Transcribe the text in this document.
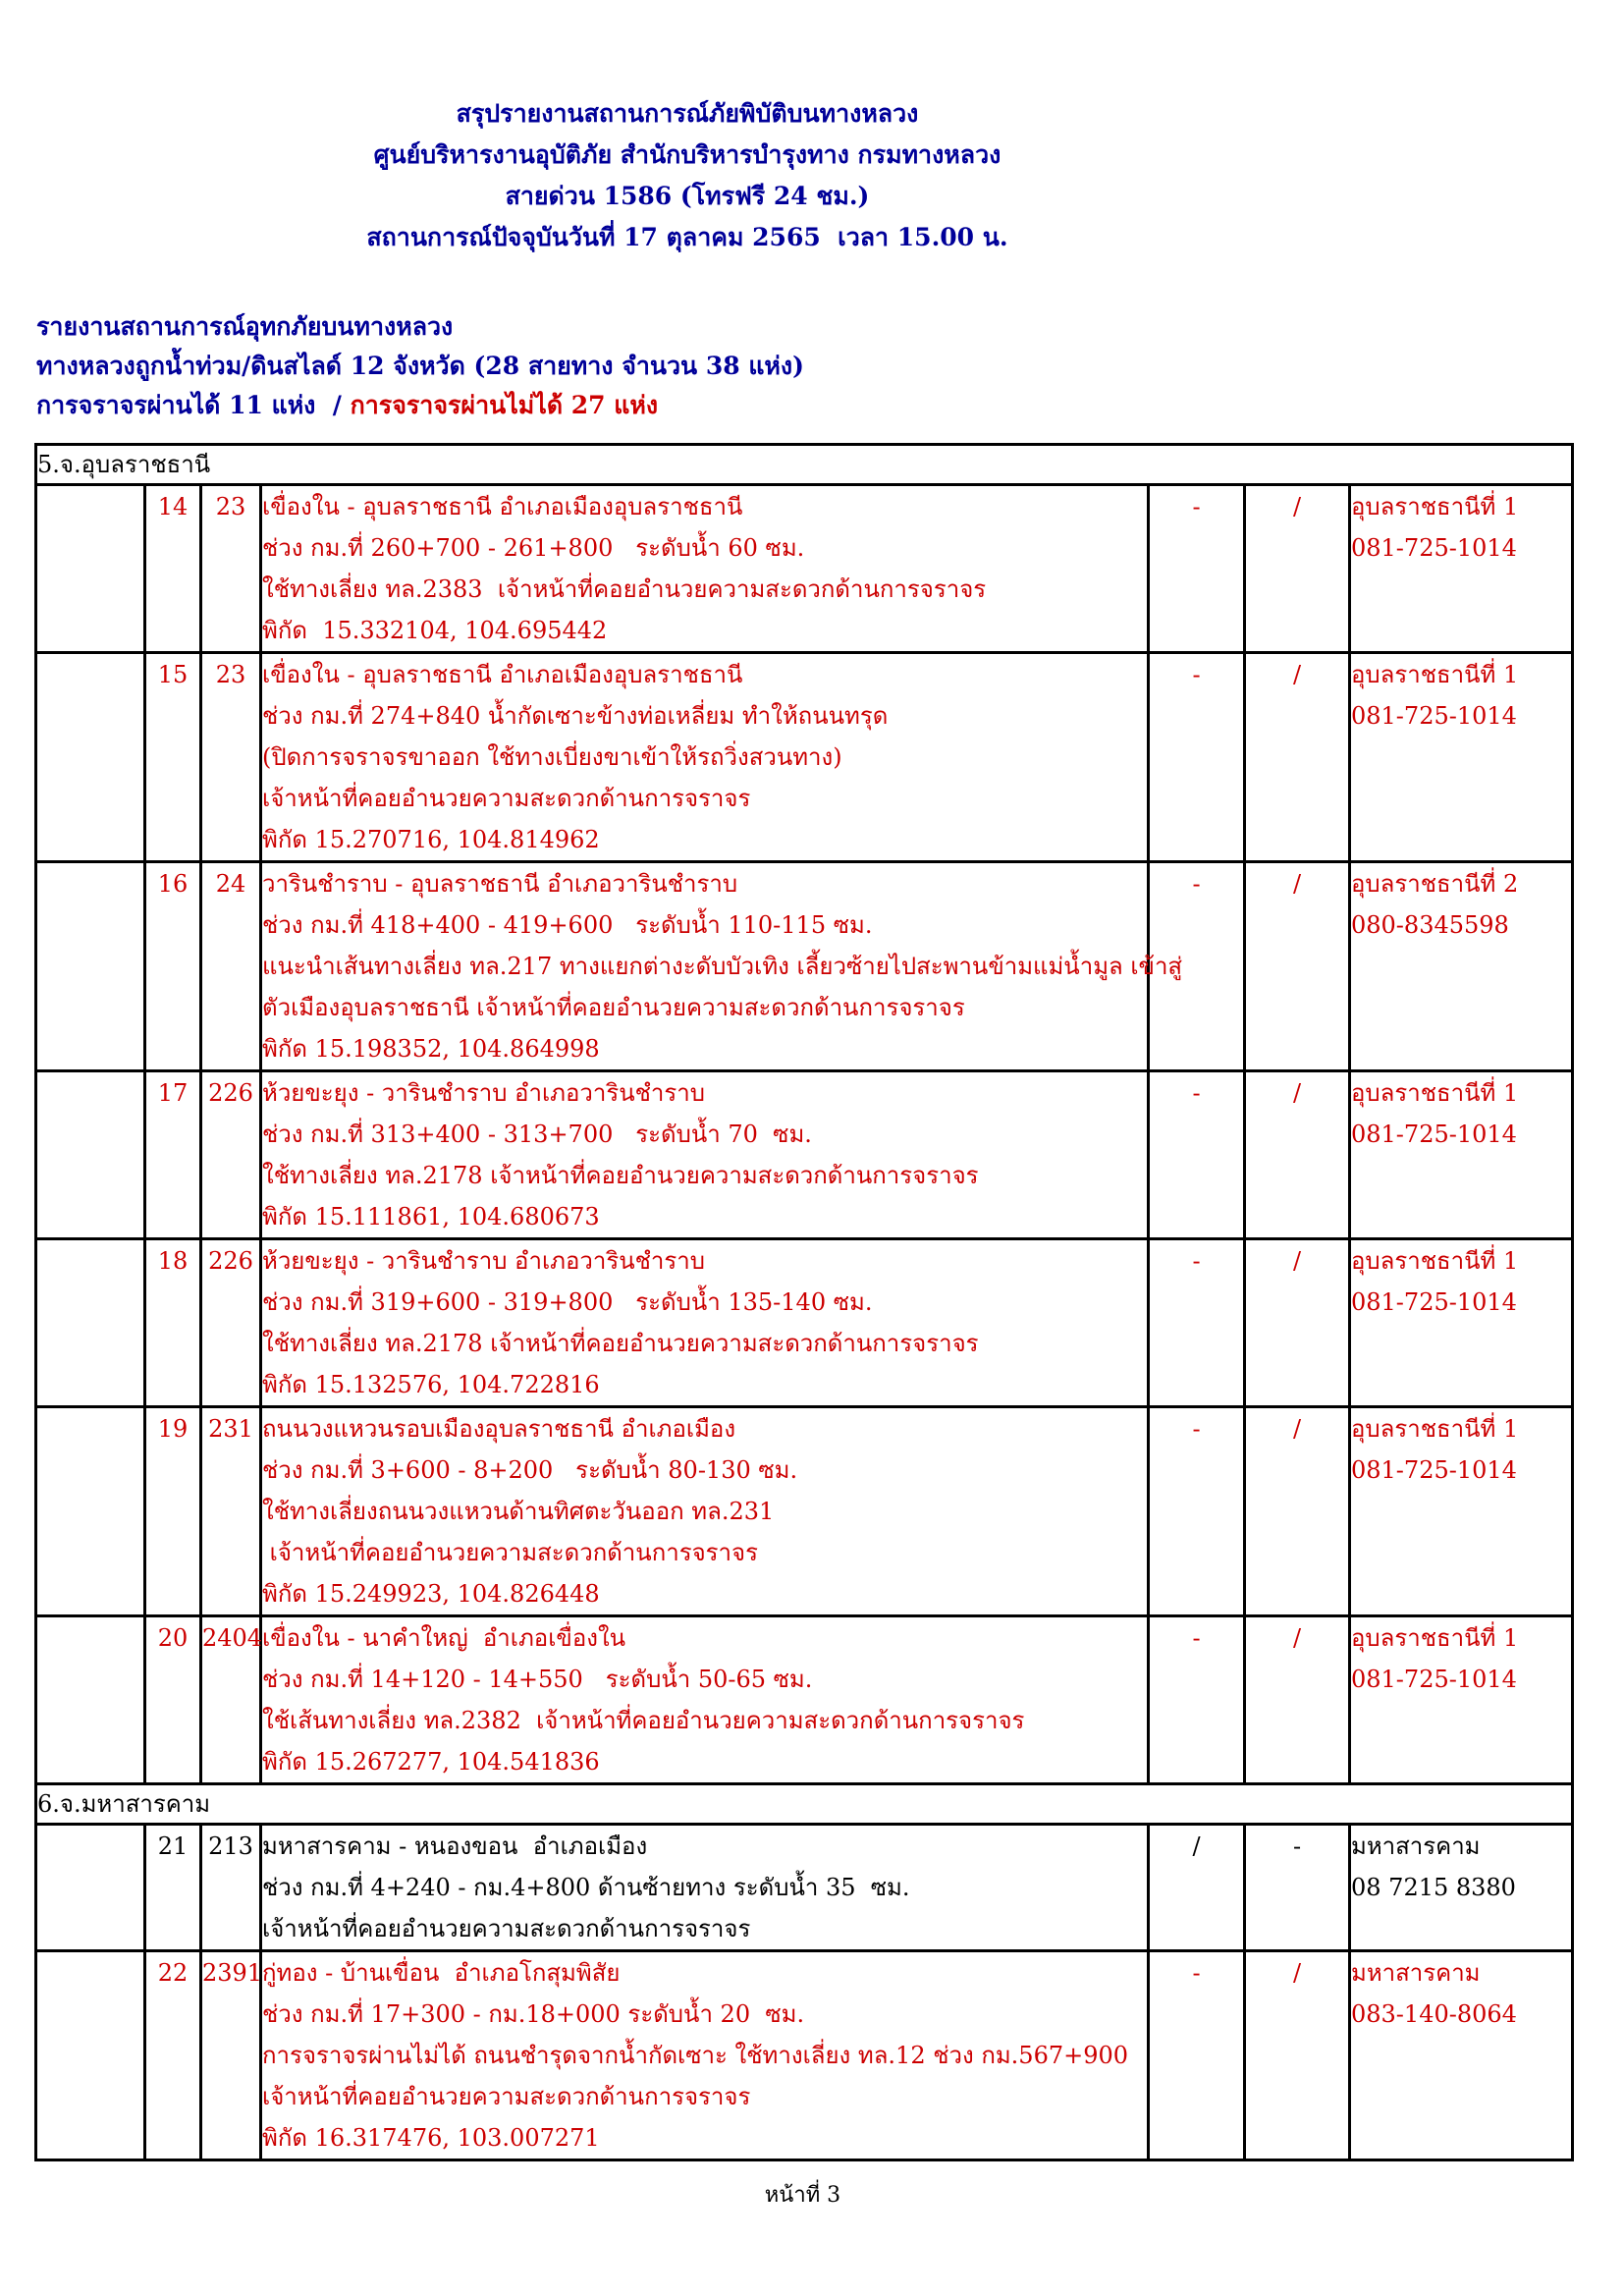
สรุปรายงานสถานการณ์ภัยพิบัติบนทางหลวง
ศูนย์บริหารงานอุบัติภัย สำนักบริหารบำรุงทาง กรมทางหลวง
สายด่วน 1586 (โทรฟรี 24 ชม.)
สถานการณ์ปัจจุบันวันที่ 17 ตุลาคม 2565  เวลา 15.00 น.
รายงานสถานการณ์อุทกภัยบนทางหลวง
ทางหลวงถูกน้ำท่วม/ดินสไลด์ 12 จังหวัด (28 สายทาง จำนวน 38 แห่ง)
การจราจรผ่านได้ 11 แห่ง  / การจราจรผ่านไม่ได้ 27 แห่ง
5.จ.อุบลราชธานี						
	14	23	เขื่องใน - อุบลราชธานี อำเภอเมืองอุบลราชธานี
ช่วง กม.ที่ 260+700 - 261+800   ระดับน้ำ 60 ซม.
ใช้ทางเลี่ยง ทล.2383  เจ้าหน้าที่คอยอำนวยความสะดวกด้านการจราจร
พิกัด  15.332104, 104.695442
	-	/	อุบลราชธานีที่ 1
081-725-1014

	15	23	เขื่องใน - อุบลราชธานี อำเภอเมืองอุบลราชธานี
ช่วง กม.ที่ 274+840 น้ำกัดเซาะข้างท่อเหลี่ยม ทำให้ถนนทรุด
(ปิดการจราจรขาออก ใช้ทางเบี่ยงขาเข้าให้รถวิ่งสวนทาง)
เจ้าหน้าที่คอยอำนวยความสะดวกด้านการจราจร
พิกัด 15.270716, 104.814962
	-	/	อุบลราชธานีที่ 1
081-725-1014

	16	24	วารินชำราบ - อุบลราชธานี อำเภอวารินชำราบ
ช่วง กม.ที่ 418+400 - 419+600   ระดับน้ำ 110-115 ซม.
แนะนำเส้นทางเลี่ยง ทล.217 ทางแยกต่างะดับบัวเทิง เลี้ยวซ้ายไปสะพานข้ามแม่น้ำมูล เข้าสู่
ตัวเมืองอุบลราชธานี เจ้าหน้าที่คอยอำนวยความสะดวกด้านการจราจร
พิกัด 15.198352, 104.864998
	-	/	อุบลราชธานีที่ 2
080-8345598

	17	226	ห้วยขะยุง - วารินชำราบ อำเภอวารินชำราบ
ช่วง กม.ที่ 313+400 - 313+700   ระดับน้ำ 70  ซม.
ใช้ทางเลี่ยง ทล.2178 เจ้าหน้าที่คอยอำนวยความสะดวกด้านการจราจร
พิกัด 15.111861, 104.680673
	-	/	อุบลราชธานีที่ 1
081-725-1014

	18	226	ห้วยขะยุง - วารินชำราบ อำเภอวารินชำราบ
ช่วง กม.ที่ 319+600 - 319+800   ระดับน้ำ 135-140 ซม.
ใช้ทางเลี่ยง ทล.2178 เจ้าหน้าที่คอยอำนวยความสะดวกด้านการจราจร
พิกัด 15.132576, 104.722816
	-	/	อุบลราชธานีที่ 1
081-725-1014

	19	231	ถนนวงแหวนรอบเมืองอุบลราชธานี อำเภอเมือง
ช่วง กม.ที่ 3+600 - 8+200   ระดับน้ำ 80-130 ซม.
ใช้ทางเลี่ยงถนนวงแหวนด้านทิศตะวันออก ทล.231
เจ้าหน้าที่คอยอำนวยความสะดวกด้านการจราจร
พิกัด 15.249923, 104.826448
	-	/	อุบลราชธานีที่ 1
081-725-1014

	20	2404	เขื่องใน - นาคำใหญ่  อำเภอเขื่องใน
ช่วง กม.ที่ 14+120 - 14+550   ระดับน้ำ 50-65 ซม.
ใช้เส้นทางเลี่ยง ทล.2382  เจ้าหน้าที่คอยอำนวยความสะดวกด้านการจราจร
พิกัด 15.267277, 104.541836
	-	/	อุบลราชธานีที่ 1
081-725-1014

6.จ.มหาสารคาม						
	21	213	มหาสารคาม - หนองขอน  อำเภอเมือง
ช่วง กม.ที่ 4+240 - กม.4+800 ด้านซ้ายทาง ระดับน้ำ 35  ซม.
เจ้าหน้าที่คอยอำนวยความสะดวกด้านการจราจร
	/	-	มหาสารคาม
08 7215 8380

	22	2391	กู่ทอง - บ้านเขื่อน  อำเภอโกสุมพิสัย
ช่วง กม.ที่ 17+300 - กม.18+000 ระดับน้ำ 20  ซม.
การจราจรผ่านไม่ได้ ถนนชำรุดจากน้ำกัดเซาะ ใช้ทางเลี่ยง ทล.12 ช่วง กม.567+900
เจ้าหน้าที่คอยอำนวยความสะดวกด้านการจราจร
พิกัด 16.317476, 103.007271
	-	/	มหาสารคาม
083-140-8064
หน้าที่ 3
